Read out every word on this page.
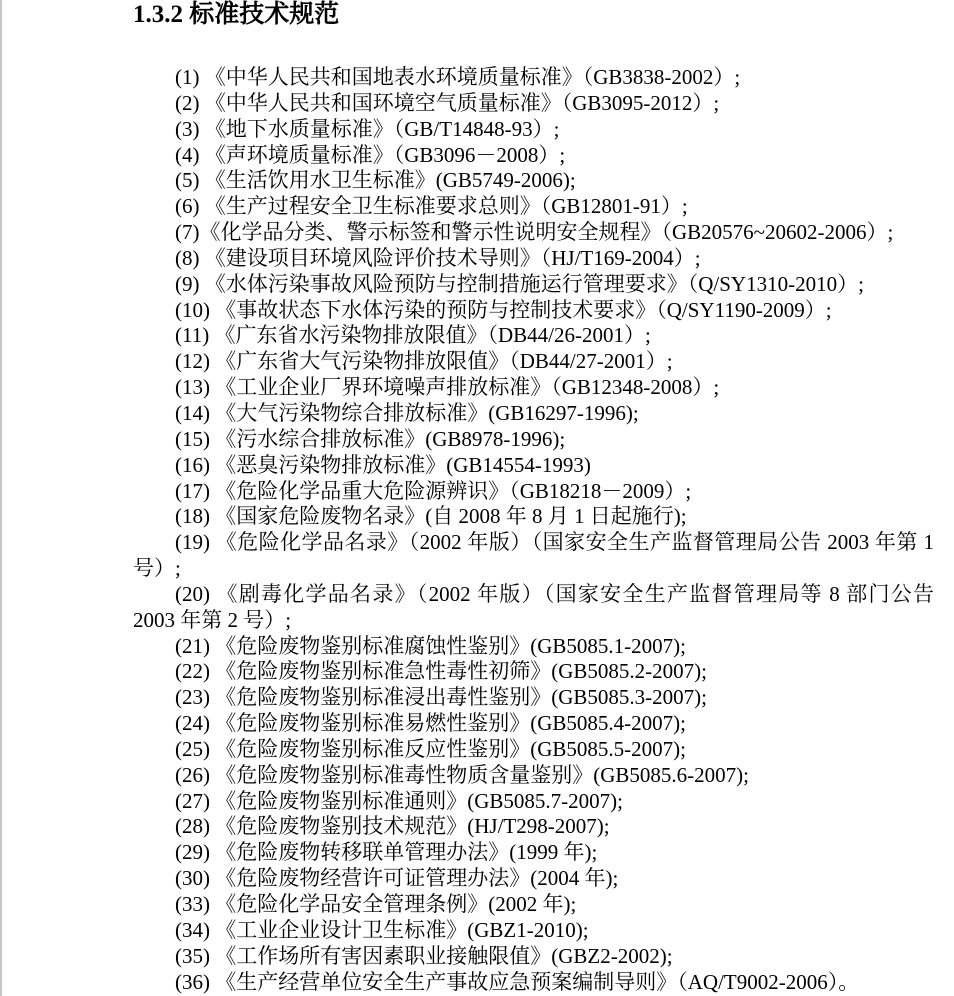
1.3.2 标准技术规范

(1) 《中华人民共和国地表水环境质量标准》（GB3838-2002）;

(2) 《中华人民共和国环境空气质量标准》（GB3095-2012）;

(3) 《地下水质量标准》（GB/T14848-93）;

(4) 《声环境质量标准》（GB3096－2008）;

(5) 《生活饮用水卫生标准》(GB5749-2006);

(6) 《生产过程安全卫生标准要求总则》（GB12801-91）;

(7)《化学品分类、警示标签和警示性说明安全规程》（GB20576~20602-2006）;

(8) 《建设项目环境风险评价技术导则》（HJ/T169-2004）;

(9) 《水体污染事故风险预防与控制措施运行管理要求》（Q/SY1310-2010）;

(10) 《事故状态下水体污染的预防与控制技术要求》（Q/SY1190-2009）;

(11) 《广东省水污染物排放限值》（DB44/26-2001）;

(12) 《广东省大气污染物排放限值》（DB44/27-2001）;

(13) 《工业企业厂界环境噪声排放标准》（GB12348-2008）;

(14) 《大气污染物综合排放标准》(GB16297-1996);

(15) 《污水综合排放标准》(GB8978-1996);

(16) 《恶臭污染物排放标准》(GB14554-1993)

(17) 《危险化学品重大危险源辨识》（GB18218－2009）;

(18) 《国家危险废物名录》(自 2008 年 8 月 1 日起施行);

(19) 《危险化学品名录》（2002 年版）（国家安全生产监督管理局公告 2003 年第 1 号）;

(20) 《剧毒化学品名录》（2002 年版）（国家安全生产监督管理局等 8 部门公告 2003 年第 2 号）;

(21) 《危险废物鉴别标准腐蚀性鉴别》(GB5085.1-2007);

(22) 《危险废物鉴别标准急性毒性初筛》(GB5085.2-2007);

(23) 《危险废物鉴别标准浸出毒性鉴别》(GB5085.3-2007);

(24) 《危险废物鉴别标准易燃性鉴别》(GB5085.4-2007);

(25) 《危险废物鉴别标准反应性鉴别》(GB5085.5-2007);

(26) 《危险废物鉴别标准毒性物质含量鉴别》(GB5085.6-2007);

(27) 《危险废物鉴别标准通则》(GB5085.7-2007);

(28) 《危险废物鉴别技术规范》(HJ/T298-2007);

(29) 《危险废物转移联单管理办法》(1999 年);

(30) 《危险废物经营许可证管理办法》(2004 年);

(33) 《危险化学品安全管理条例》(2002 年);

(34) 《工业企业设计卫生标准》(GBZ1-2010);

(35) 《工作场所有害因素职业接触限值》(GBZ2-2002);

(36) 《生产经营单位安全生产事故应急预案编制导则》（AQ/T9002-2006）。
